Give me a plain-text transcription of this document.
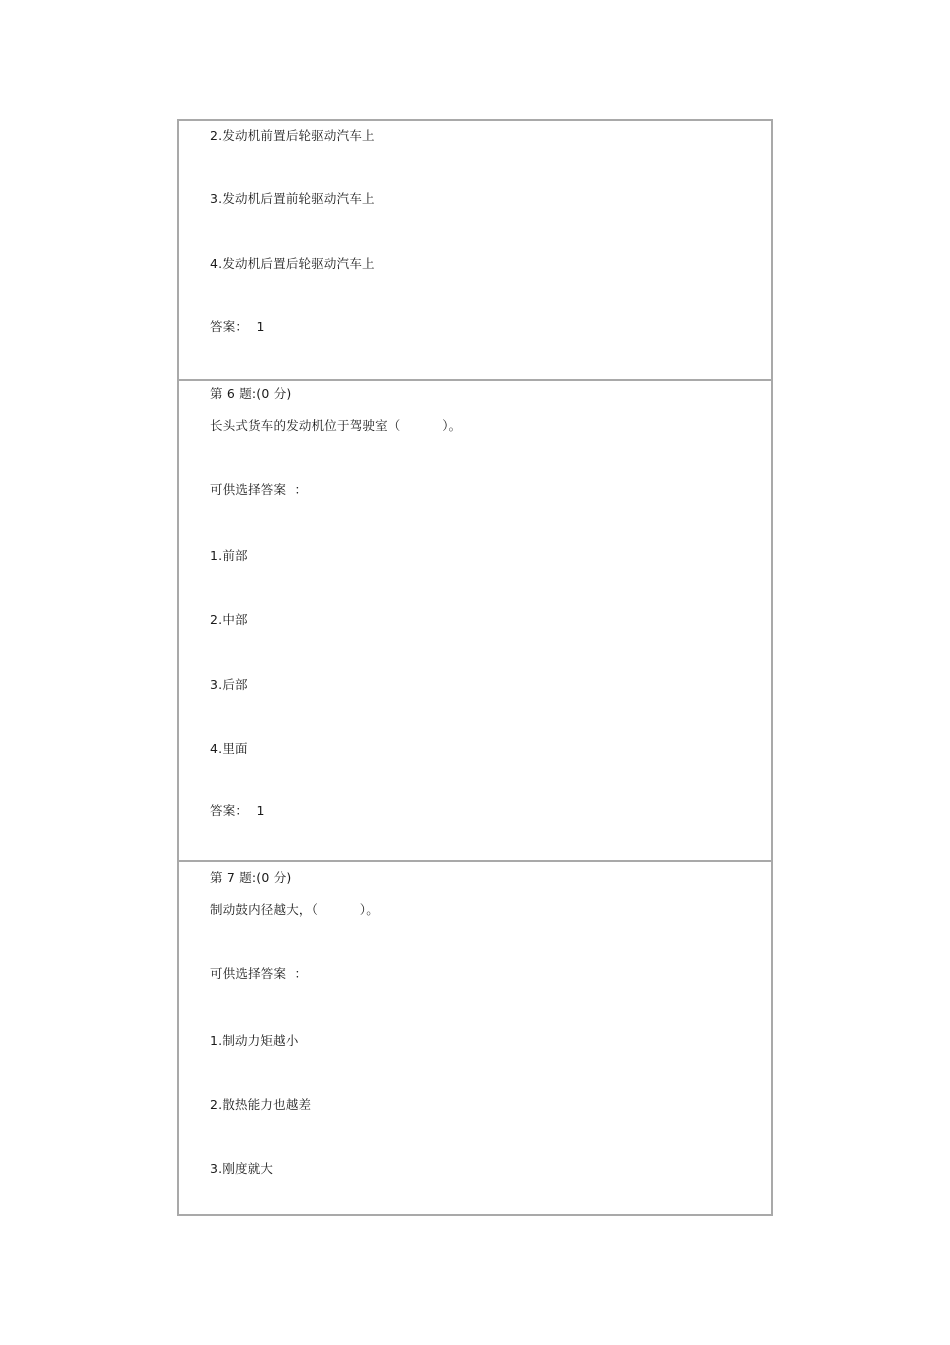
2.发动机前置后轮驱动汽车上
3.发动机后置前轮驱动汽车上
4.发动机后置后轮驱动汽车上
答案：  1
第 6 题:(0 分)
长头式货车的发动机位于驾驶室（          ）。
可供选择答案  ：
1.前部
2.中部
3.后部
4.里面
答案：  1
第 7 题:(0 分)
制动鼓内径越大，（          ）。
可供选择答案  ：
1.制动力矩越小
2.散热能力也越差
3.刚度就大
